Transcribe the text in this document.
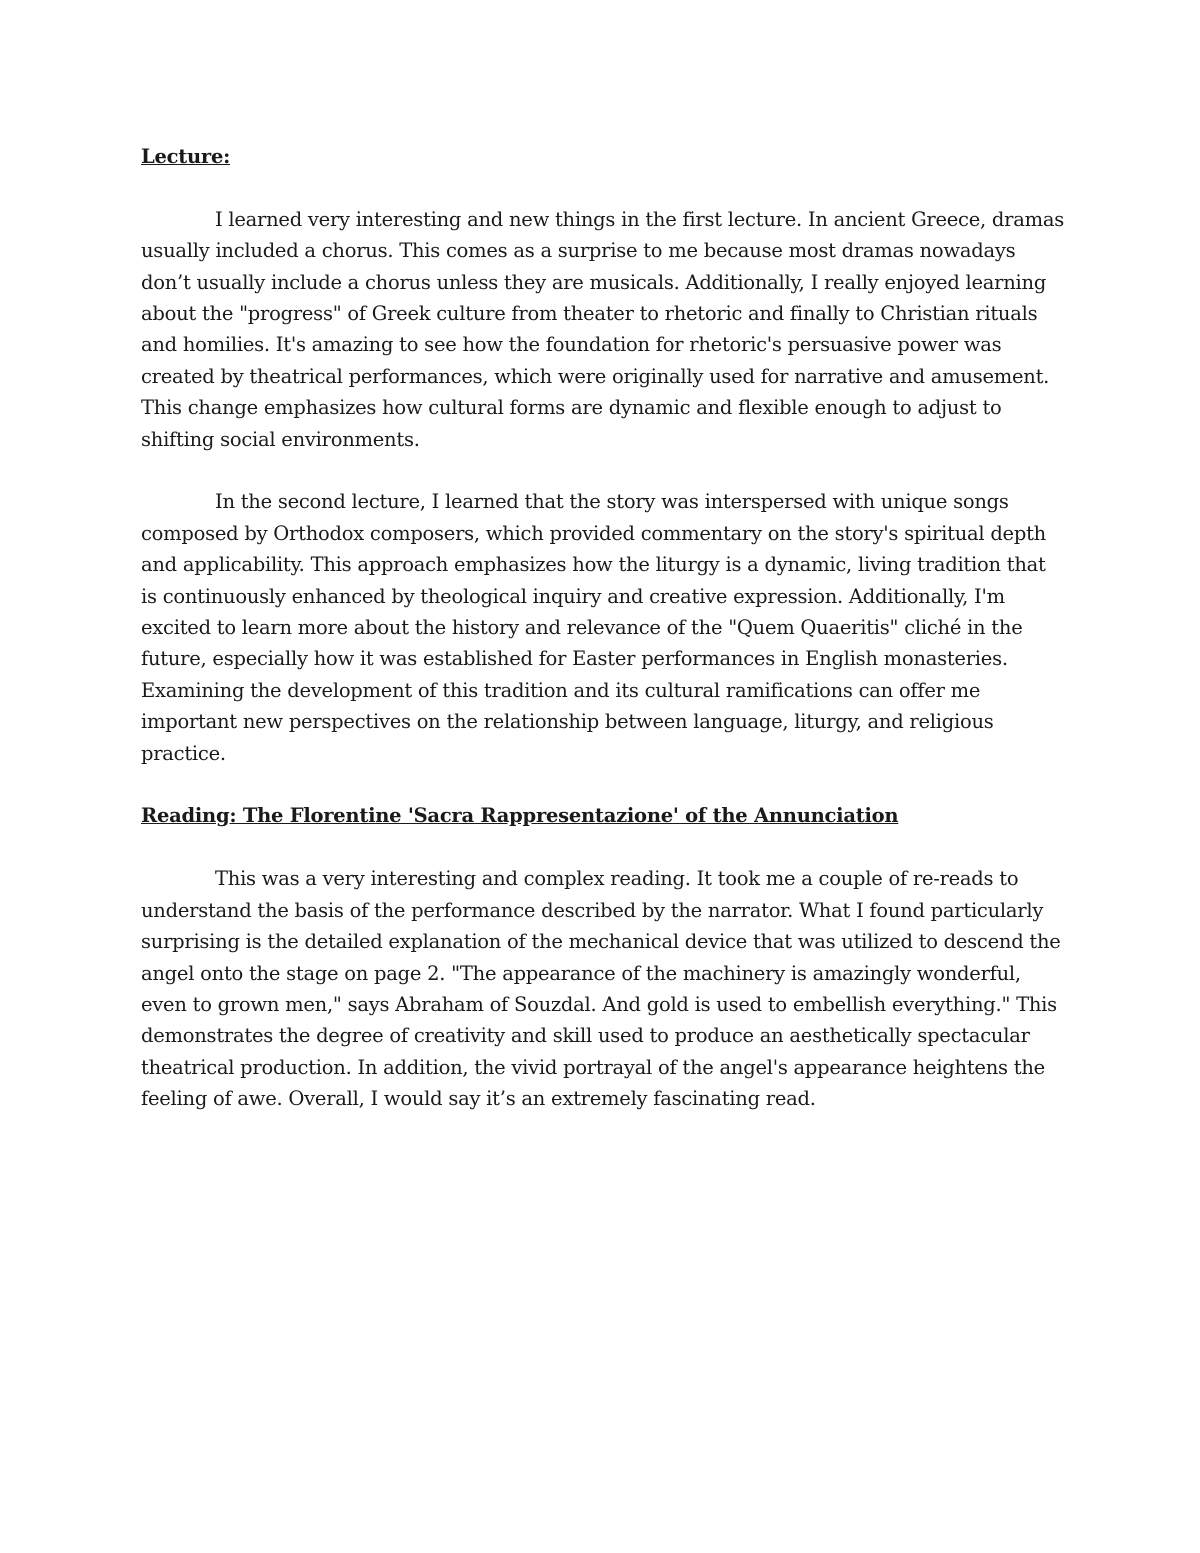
Lecture:

I learned very interesting and new things in the first lecture. In ancient Greece, dramas usually included a chorus. This comes as a surprise to me because most dramas nowadays don’t usually include a chorus unless they are musicals. Additionally, I really enjoyed learning about the "progress" of Greek culture from theater to rhetoric and finally to Christian rituals and homilies. It's amazing to see how the foundation for rhetoric's persuasive power was created by theatrical performances, which were originally used for narrative and amusement. This change emphasizes how cultural forms are dynamic and flexible enough to adjust to shifting social environments.

In the second lecture, I learned that the story was interspersed with unique songs composed by Orthodox composers, which provided commentary on the story's spiritual depth and applicability. This approach emphasizes how the liturgy is a dynamic, living tradition that is continuously enhanced by theological inquiry and creative expression. Additionally, I'm excited to learn more about the history and relevance of the "Quem Quaeritis" cliché in the future, especially how it was established for Easter performances in English monasteries. Examining the development of this tradition and its cultural ramifications can offer me important new perspectives on the relationship between language, liturgy, and religious practice.

Reading: The Florentine 'Sacra Rappresentazione' of the Annunciation

This was a very interesting and complex reading. It took me a couple of re-reads to understand the basis of the performance described by the narrator. What I found particularly surprising is the detailed explanation of the mechanical device that was utilized to descend the angel onto the stage on page 2. "The appearance of the machinery is amazingly wonderful, even to grown men," says Abraham of Souzdal. And gold is used to embellish everything." This demonstrates the degree of creativity and skill used to produce an aesthetically spectacular theatrical production. In addition, the vivid portrayal of the angel's appearance heightens the feeling of awe. Overall, I would say it’s an extremely fascinating read.
